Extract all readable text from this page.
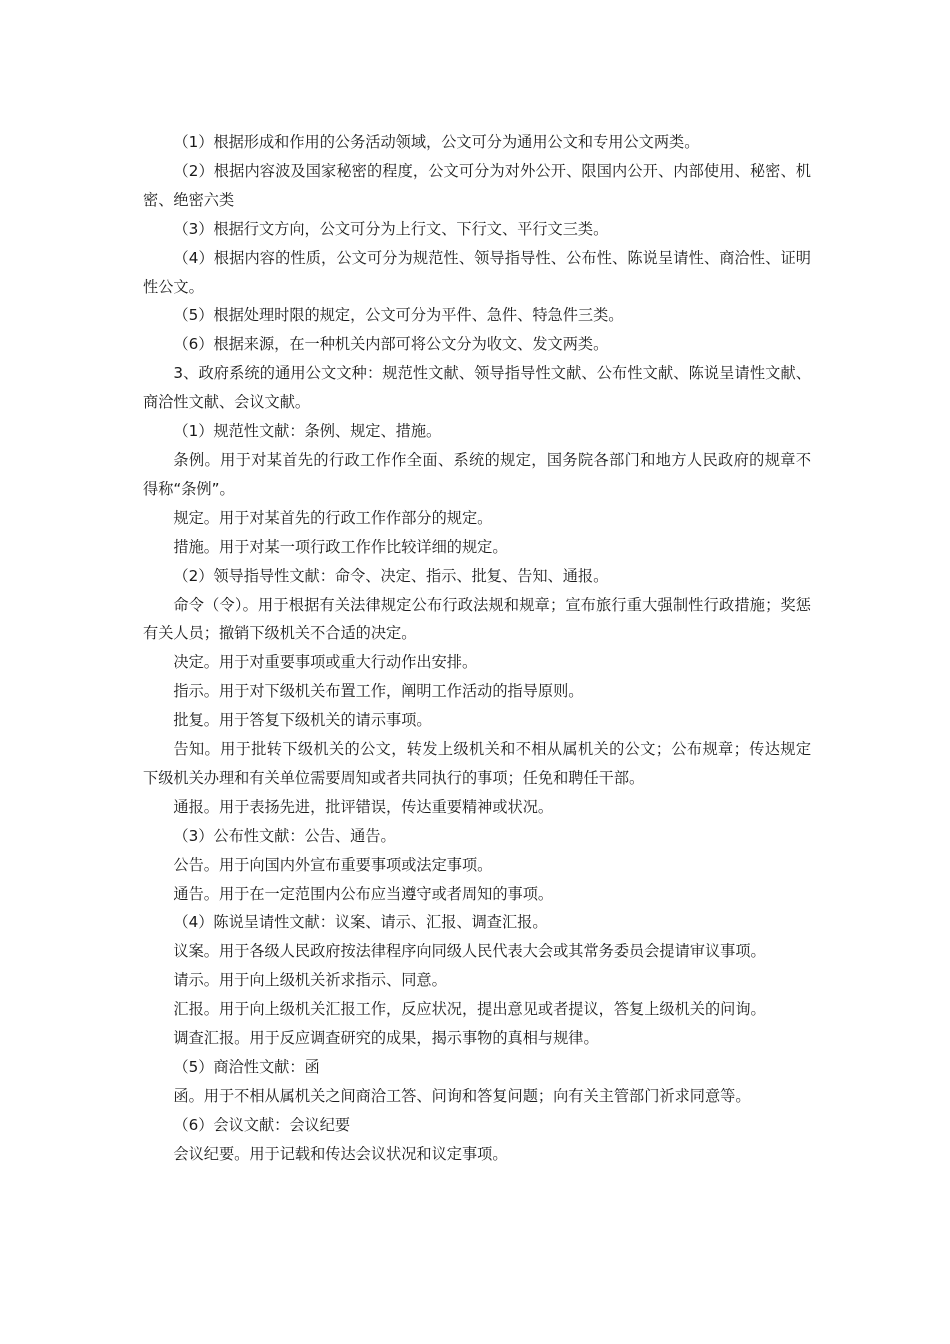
（1）根据形成和作用的公务活动领域，公文可分为通用公文和专用公文两类。

（2）根据内容波及国家秘密的程度，公文可分为对外公开、限国内公开、内部使用、秘密、机密、绝密六类

（3）根据行文方向，公文可分为上行文、下行文、平行文三类。

（4）根据内容的性质，公文可分为规范性、领导指导性、公布性、陈说呈请性、商洽性、证明性公文。

（5）根据处理时限的规定，公文可分为平件、急件、特急件三类。

（6）根据来源，在一种机关内部可将公文分为收文、发文两类。

3、政府系统的通用公文文种：规范性文献、领导指导性文献、公布性文献、陈说呈请性文献、商洽性文献、会议文献。

（1）规范性文献：条例、规定、措施。

条例。用于对某首先的行政工作作全面、系统的规定，国务院各部门和地方人民政府的规章不得称“条例”。

规定。用于对某首先的行政工作作部分的规定。

措施。用于对某一项行政工作作比较详细的规定。

（2）领导指导性文献：命令、决定、指示、批复、告知、通报。

命令（令）。用于根据有关法律规定公布行政法规和规章；宣布旅行重大强制性行政措施；奖惩有关人员；撤销下级机关不合适的决定。

决定。用于对重要事项或重大行动作出安排。

指示。用于对下级机关布置工作，阐明工作活动的指导原则。

批复。用于答复下级机关的请示事项。

告知。用于批转下级机关的公文，转发上级机关和不相从属机关的公文；公布规章；传达规定下级机关办理和有关单位需要周知或者共同执行的事项；任免和聘任干部。

通报。用于表扬先进，批评错误，传达重要精神或状况。

（3）公布性文献：公告、通告。

公告。用于向国内外宣布重要事项或法定事项。

通告。用于在一定范围内公布应当遵守或者周知的事项。

（4）陈说呈请性文献：议案、请示、汇报、调查汇报。

议案。用于各级人民政府按法律程序向同级人民代表大会或其常务委员会提请审议事项。

请示。用于向上级机关祈求指示、同意。

汇报。用于向上级机关汇报工作，反应状况，提出意见或者提议，答复上级机关的问询。

调查汇报。用于反应调查研究的成果，揭示事物的真相与规律。

（5）商洽性文献：函

函。用于不相从属机关之间商洽工答、问询和答复问题；向有关主管部门祈求同意等。

（6）会议文献：会议纪要

会议纪要。用于记载和传达会议状况和议定事项。
